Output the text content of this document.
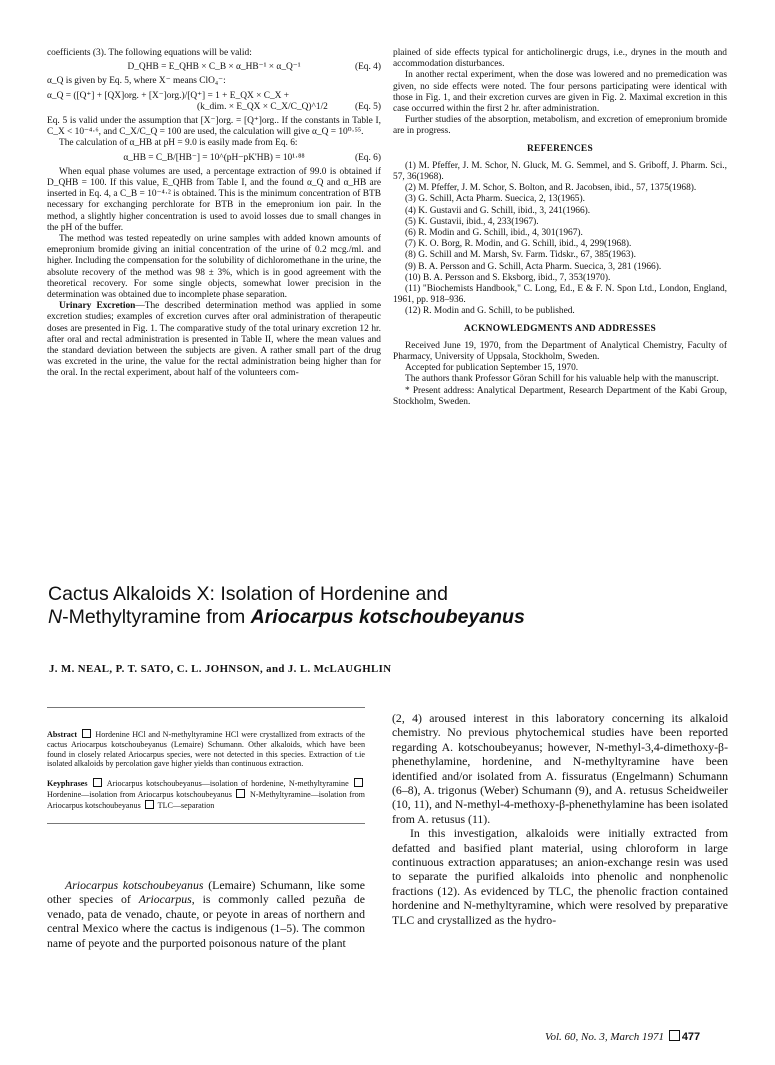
coefficients (3). The following equations will be valid:

D_QHB = E_QHB × C_B × α_HB⁻¹ × α_Q⁻¹	(Eq. 4)

α_Q is given by Eq. 5, where X⁻ means ClO₄⁻:

α_Q = ([Q⁺] + [QX]org. + [X⁻]org.)/[Q⁺] = 1 + E_QX × C_X +
(k_dim. × E_QX × C_X/C_Q)^1/2	(Eq. 5)

Eq. 5 is valid under the assumption that [X⁻]org. = [Q⁺]org.. If the constants in Table I, C_X < 10⁻⁴·⁶, and C_X/C_Q = 100 are used, the calculation will give α_Q = 10⁰·⁵⁵.

The calculation of α_HB at pH = 9.0 is easily made from Eq. 6:

α_HB = C_B/[HB⁻] = 10^(pH−pK'HB) = 10¹·⁸⁸	(Eq. 6)

When equal phase volumes are used, a percentage extraction of 99.0 is obtained if D_QHB = 100. If this value, E_QHB from Table I, and the found α_Q and α_HB are inserted in Eq. 4, a C_B = 10⁻⁴·² is obtained. This is the minimum concentration of BTB necessary for exchanging perchlorate for BTB in the emepronium ion pair. In the method, a slightly higher concentration is used to avoid losses due to small changes in the pH of the buffer.

The method was tested repeatedly on urine samples with added known amounts of emepronium bromide giving an initial concentration of the urine of 0.2 mcg./ml. and higher. Including the compensation for the solubility of dichloromethane in the urine, the absolute recovery of the method was 98 ± 3%, which is in good agreement with the theoretical recovery. For some single objects, somewhat lower precision in the determination was obtained due to incomplete phase separation.

Urinary Excretion—The described determination method was applied in some excretion studies; examples of excretion curves after oral administration of therapeutic doses are presented in Fig. 1. The comparative study of the total urinary excretion 12 hr. after oral and rectal administration is presented in Table II, where the mean values and the standard deviation between the subjects are given. A rather small part of the drug was excreted in the urine, the value for the rectal administration being higher than for the oral. In the rectal experiment, about half of the volunteers com-

plained of side effects typical for anticholinergic drugs, i.e., drynes in the mouth and accommodation disturbances.

In another rectal experiment, when the dose was lowered and no premedication was given, no side effects were noted. The four persons participating were identical with those in Fig. 1, and their excretion curves are given in Fig. 2. Maximal excretion in this case occurred within the first 2 hr. after administration.

Further studies of the absorption, metabolism, and excretion of emepronium bromide are in progress.

REFERENCES

(1) M. Pfeffer, J. M. Schor, N. Gluck, M. G. Semmel, and S. Griboff, J. Pharm. Sci., 57, 36(1968).

(2) M. Pfeffer, J. M. Schor, S. Bolton, and R. Jacobsen, ibid., 57, 1375(1968).

(3) G. Schill, Acta Pharm. Suecica, 2, 13(1965).

(4) K. Gustavii and G. Schill, ibid., 3, 241(1966).

(5) K. Gustavii, ibid., 4, 233(1967).

(6) R. Modin and G. Schill, ibid., 4, 301(1967).

(7) K. O. Borg, R. Modin, and G. Schill, ibid., 4, 299(1968).

(8) G. Schill and M. Marsh, Sv. Farm. Tidskr., 67, 385(1963).

(9) B. A. Persson and G. Schill, Acta Pharm. Suecica, 3, 281 (1966).

(10) B. A. Persson and S. Eksborg, ibid., 7, 353(1970).

(11) "Biochemists Handbook," C. Long, Ed., E & F. N. Spon Ltd., London, England, 1961, pp. 918–936.

(12) R. Modin and G. Schill, to be published.

ACKNOWLEDGMENTS AND ADDRESSES

Received June 19, 1970, from the Department of Analytical Chemistry, Faculty of Pharmacy, University of Uppsala, Stockholm, Sweden.

Accepted for publication September 15, 1970.

The authors thank Professor Göran Schill for his valuable help with the manuscript.

* Present address: Analytical Department, Research Department of the Kabi Group, Stockholm, Sweden.

Cactus Alkaloids X: Isolation of Hordenine and
N-Methyltyramine from Ariocarpus kotschoubeyanus
J. M. NEAL, P. T. SATO, C. L. JOHNSON, and J. L. McLAUGHLIN

Abstract Hordenine HCl and N-methyltyramine HCl were crystallized from extracts of the cactus Ariocarpus kotschoubeyanus (Lemaire) Schumann. Other alkaloids, which have been found in closely related Ariocarpus species, were not detected in this species. Extraction of t.ie isolated alkaloids by percolation gave higher yields than continuous extraction.

Keyphrases Ariocarpus kotschoubeyanus—isolation of hordenine, N-methyltyramine  Hordenine—isolation from Ariocarpus kotschoubeyanus N-Methyltyramine—isolation from Ariocarpus kotschoubeyanus TLC—separation

Ariocarpus kotschoubeyanus (Lemaire) Schumann, like some other species of Ariocarpus, is commonly called pezuña de venado, pata de venado, chaute, or peyote in areas of northern and central Mexico where the cactus is indigenous (1–5). The common name of peyote and the purported poisonous nature of the plant

(2, 4) aroused interest in this laboratory concerning its alkaloid chemistry. No previous phytochemical studies have been reported regarding A. kotschoubeyanus; however, N-methyl-3,4-dimethoxy-β-phenethylamine, hordenine, and N-methyltyramine have been identified and/or isolated from A. fissuratus (Engelmann) Schumann (6–8), A. trigonus (Weber) Schumann (9), and A. retusus Scheidweiler (10, 11), and N-methyl-4-methoxy-β-phenethylamine has been isolated from A. retusus (11).

In this investigation, alkaloids were initially extracted from defatted and basified plant material, using chloroform in large continuous extraction apparatuses; an anion-exchange resin was used to separate the purified alkaloids into phenolic and nonphenolic fractions (12). As evidenced by TLC, the phenolic fraction contained hordenine and N-methyltyramine, which were resolved by preparative TLC and crystallized as the hydro-

Vol. 60, No. 3, March 1971 477
